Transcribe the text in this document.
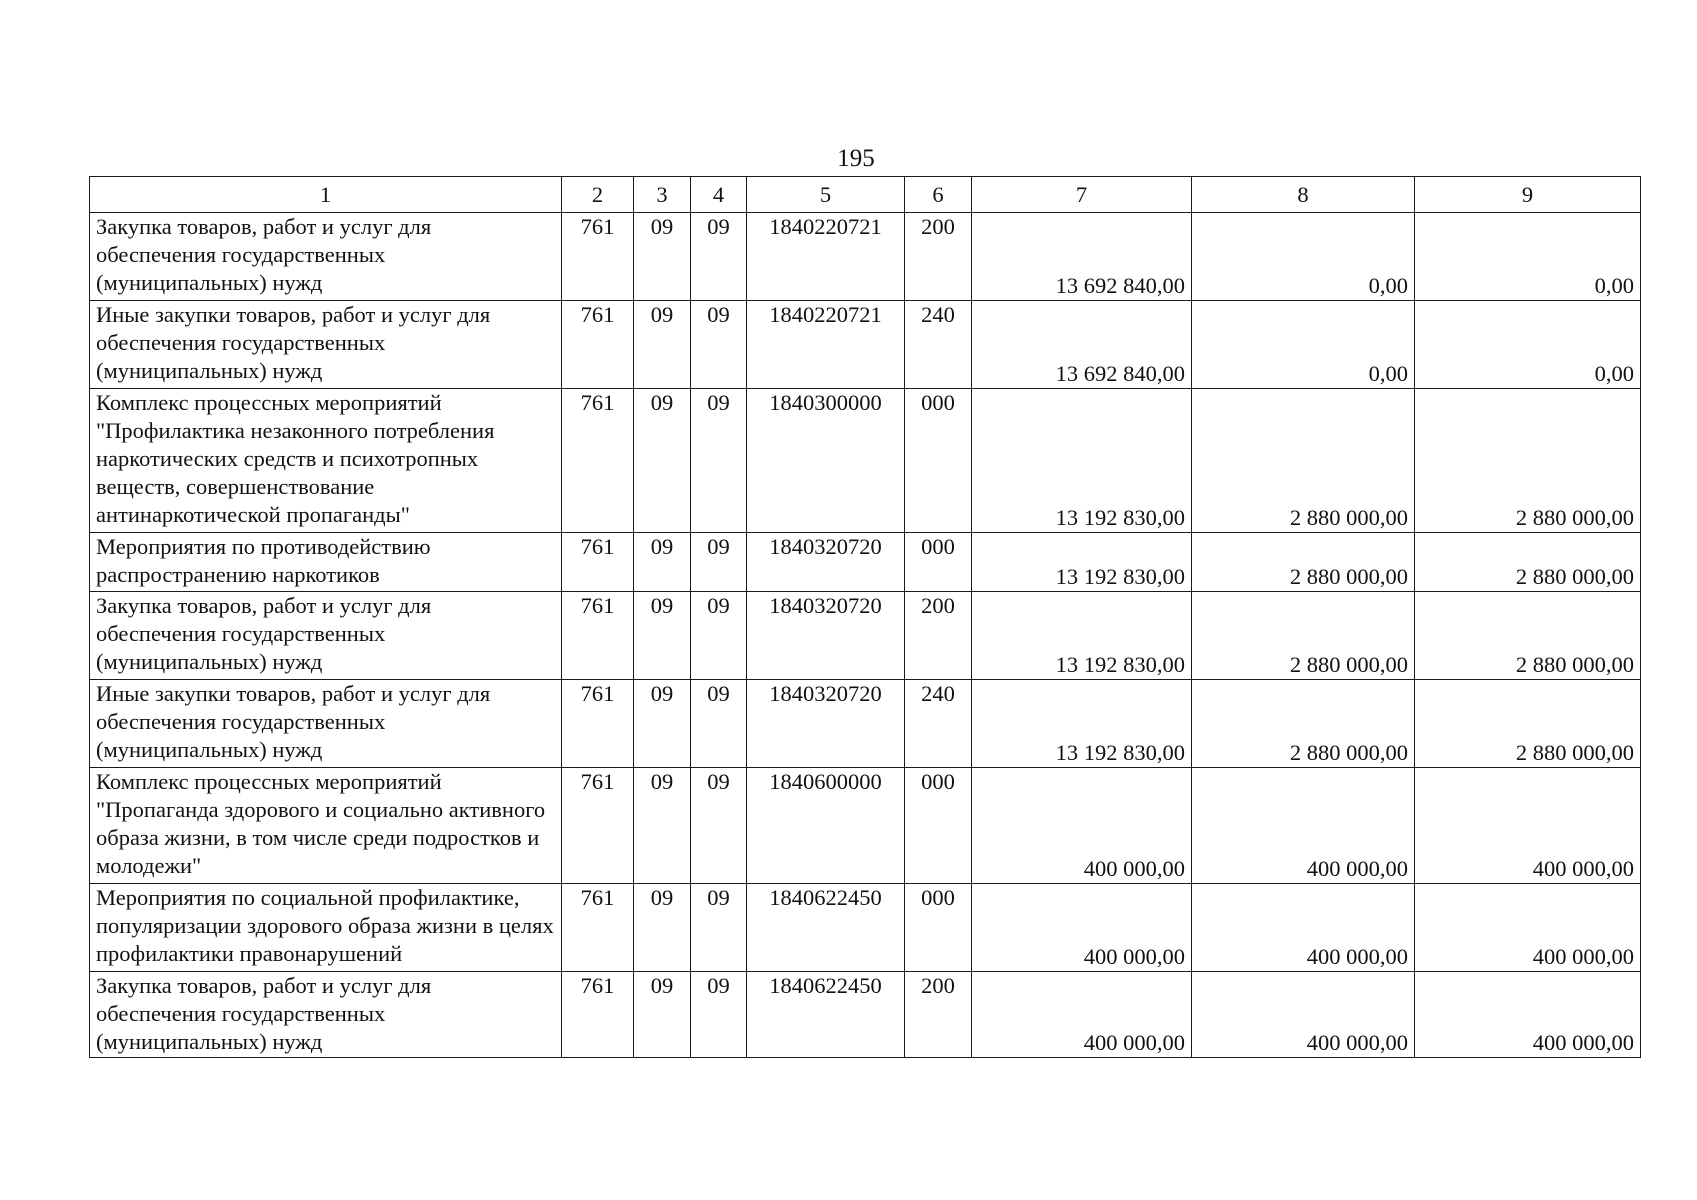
195
1	2	3	4	5	6	7	8	9
Закупка товаров, работ и услуг для обеспечения государственных (муниципальных) нужд	761	09	09	1840220721	200	13 692 840,00	0,00	0,00
Иные закупки товаров, работ и услуг для обеспечения государственных (муниципальных) нужд	761	09	09	1840220721	240	13 692 840,00	0,00	0,00
Комплекс процессных мероприятий "Профилактика незаконного потребления наркотических средств и психотропных веществ, совершенствование антинаркотической пропаганды"	761	09	09	1840300000	000	13 192 830,00	2 880 000,00	2 880 000,00
Мероприятия по противодействию распространению наркотиков	761	09	09	1840320720	000	13 192 830,00	2 880 000,00	2 880 000,00
Закупка товаров, работ и услуг для обеспечения государственных (муниципальных) нужд	761	09	09	1840320720	200	13 192 830,00	2 880 000,00	2 880 000,00
Иные закупки товаров, работ и услуг для обеспечения государственных (муниципальных) нужд	761	09	09	1840320720	240	13 192 830,00	2 880 000,00	2 880 000,00
Комплекс процессных мероприятий "Пропаганда здорового и социально активного образа жизни, в том числе среди подростков и молодежи"	761	09	09	1840600000	000	400 000,00	400 000,00	400 000,00
Мероприятия по социальной профилактике, популяризации здорового образа жизни в целях профилактики правонарушений	761	09	09	1840622450	000	400 000,00	400 000,00	400 000,00
Закупка товаров, работ и услуг для обеспечения государственных (муниципальных) нужд	761	09	09	1840622450	200	400 000,00	400 000,00	400 000,00
